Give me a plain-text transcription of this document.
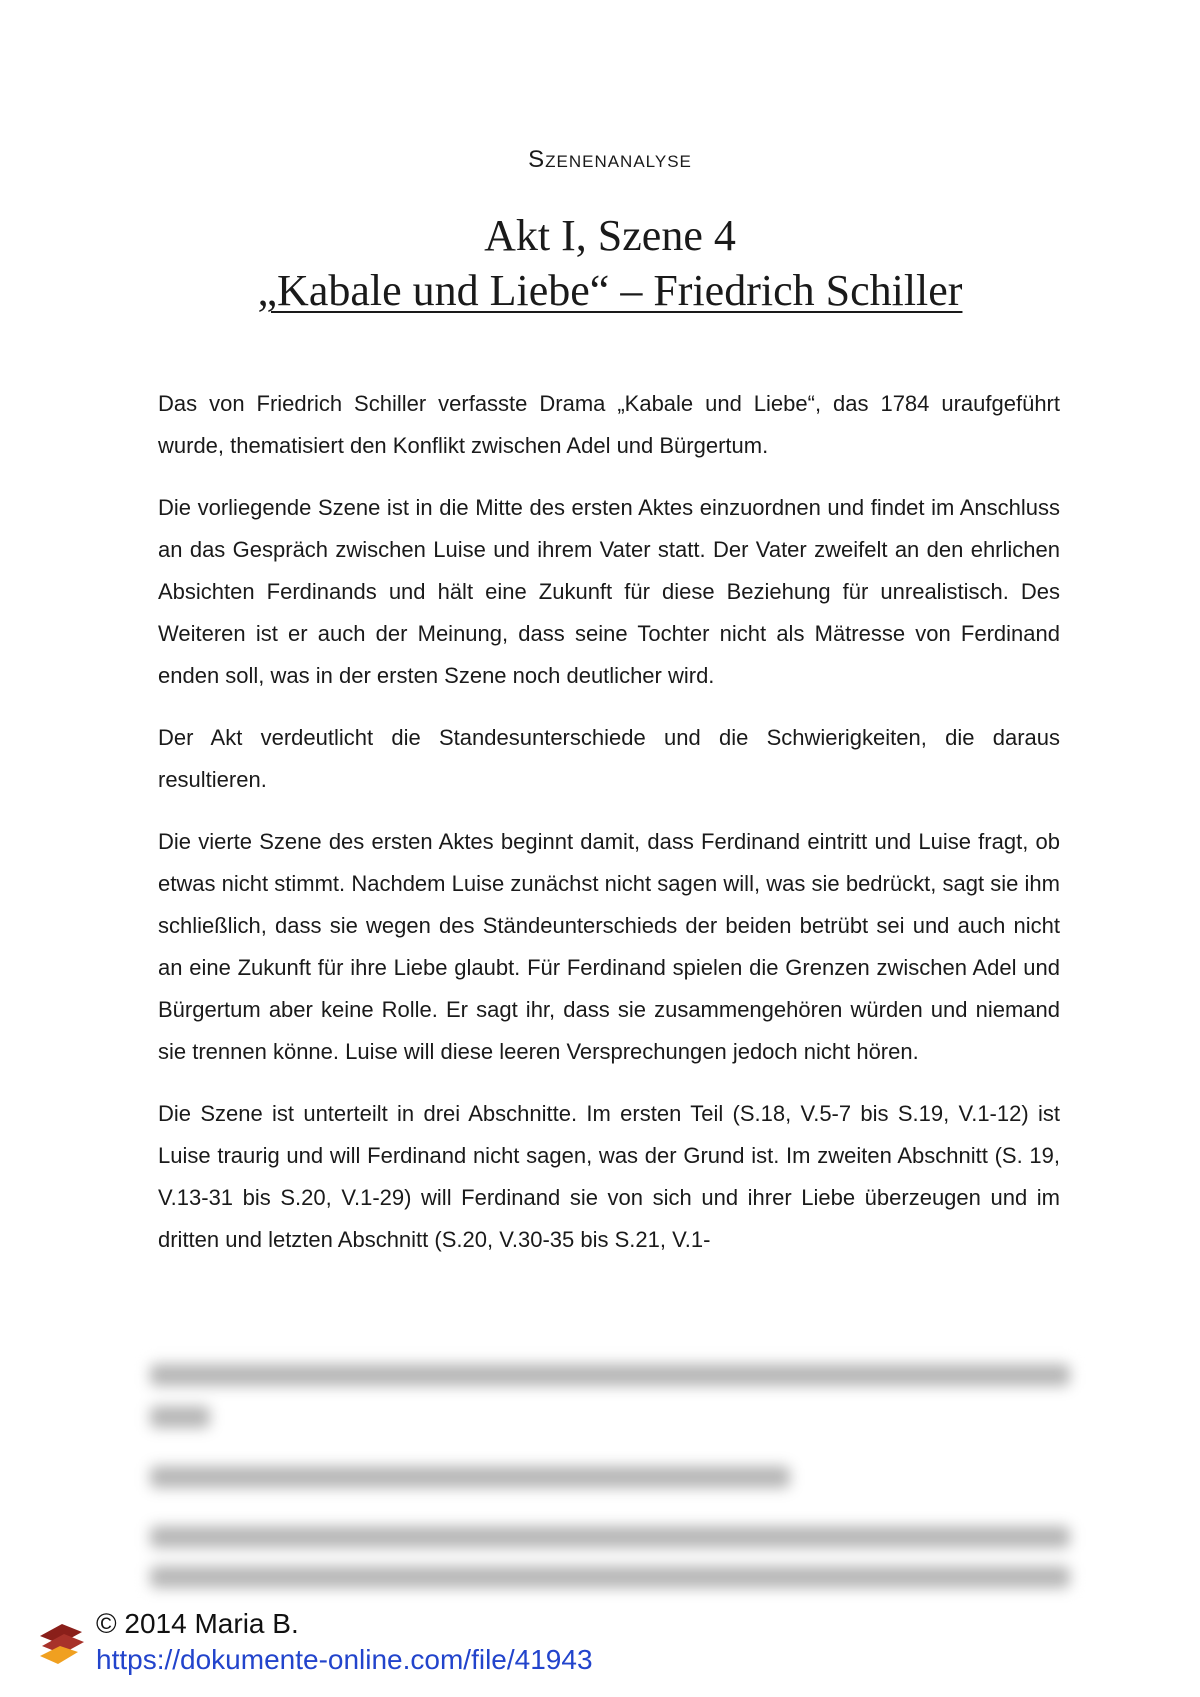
Szenenanalyse
Akt I, Szene 4
„Kabale und Liebe“ – Friedrich Schiller

Das von Friedrich Schiller verfasste Drama „Kabale und Liebe“, das 1784 uraufgeführt wurde, thematisiert den Konflikt zwischen Adel und Bürgertum.

Die vorliegende Szene ist in die Mitte des ersten Aktes einzuordnen und findet im Anschluss an das Gespräch zwischen Luise und ihrem Vater statt. Der Vater zweifelt an den ehrlichen Absichten Ferdinands und hält eine Zukunft für diese Beziehung für unrealistisch. Des Weiteren ist er auch der Meinung, dass seine Tochter nicht als Mätresse von Ferdinand enden soll, was in der ersten Szene noch deutlicher wird.

Der Akt verdeutlicht die Standesunterschiede und die Schwierigkeiten, die daraus resultieren.

Die vierte Szene des ersten Aktes beginnt damit, dass Ferdinand eintritt und Luise fragt, ob etwas nicht stimmt. Nachdem Luise zunächst nicht sagen will, was sie bedrückt, sagt sie ihm schließlich, dass sie wegen des Ständeunterschieds der beiden betrübt sei und auch nicht an eine Zukunft für ihre Liebe glaubt. Für Ferdinand spielen die Grenzen zwischen Adel und Bürgertum aber keine Rolle. Er sagt ihr, dass sie zusammengehören würden und niemand sie trennen könne. Luise will diese leeren Versprechungen jedoch nicht hören.

Die Szene ist unterteilt in drei Abschnitte. Im ersten Teil (S.18, V.5-7 bis S.19, V.1-12) ist Luise traurig und will Ferdinand nicht sagen, was der Grund ist. Im zweiten Abschnitt (S. 19, V.13-31 bis S.20, V.1-29) will Ferdinand sie von sich und ihrer Liebe überzeugen und im dritten und letzten Abschnitt (S.20, V.30-35 bis S.21, V.1-

© 2014 Maria B.
https://dokumente-online.com/file/41943
